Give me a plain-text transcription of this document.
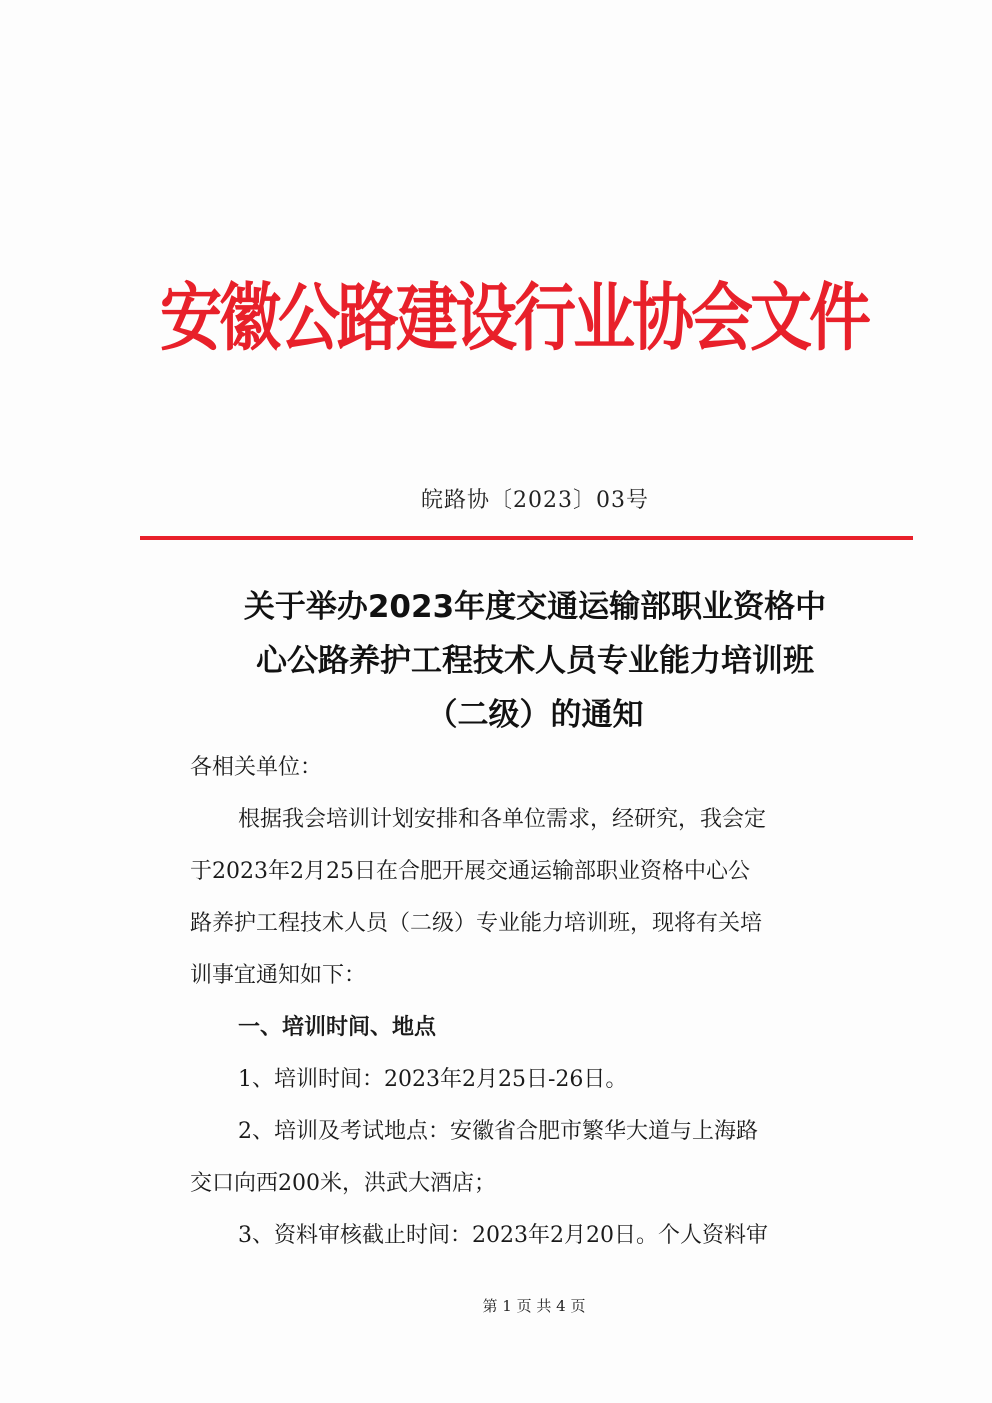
安徽公路建设行业协会文件
皖路协〔2023〕03号
关于举办2023年度交通运输部职业资格中
心公路养护工程技术人员专业能力培训班
（二级）的通知
各相关单位：
根据我会培训计划安排和各单位需求，经研究，我会定
于2023年2月25日在合肥开展交通运输部职业资格中心公
路养护工程技术人员（二级）专业能力培训班，现将有关培
训事宜通知如下：
一、培训时间、地点
1、培训时间：2023年2月25日-26日。
2、培训及考试地点：安徽省合肥市繁华大道与上海路
交口向西200米，洪武大酒店；
3、资料审核截止时间：2023年2月20日。个人资料审
第 1 页 共 4 页
